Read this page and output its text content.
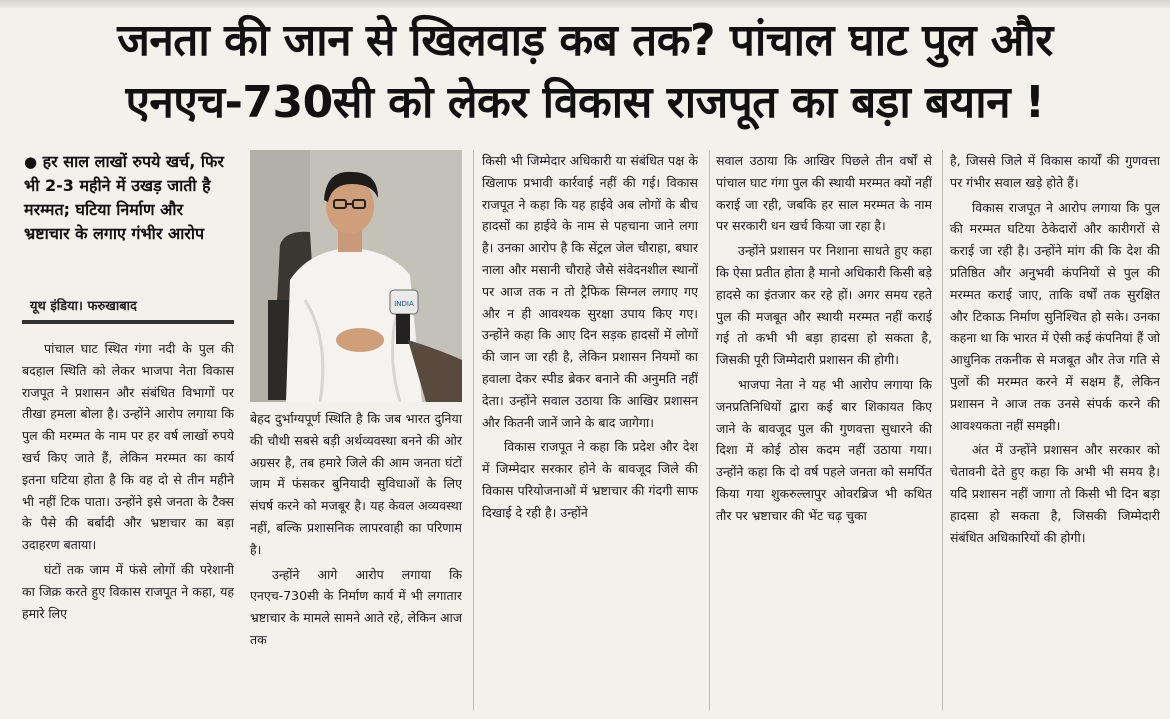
जनता की जान से खिलवाड़ कब तक? पांचाल घाट पुल और
एनएच-730सी को लेकर विकास राजपूत का बड़ा बयान !
● हर साल लाखों रुपये खर्च, फिर भी 2-3 महीने में उखड़ जाती है मरम्मत; घटिया निर्माण और भ्रष्टाचार के लगाए गंभीर आरोप
यूथ इंडिया। फरुखाबाद	INDIA

पांचाल घाट स्थित गंगा नदी के पुल की बदहाल स्थिति को लेकर भाजपा नेता विकास राजपूत ने प्रशासन और संबंधित विभागों पर तीखा हमला बोला है। उन्होंने आरोप लगाया कि पुल की मरम्मत के नाम पर हर वर्ष लाखों रुपये खर्च किए जाते हैं, लेकिन मरम्मत का कार्य इतना घटिया होता है कि वह दो से तीन महीने भी नहीं टिक पाता। उन्होंने इसे जनता के टैक्स के पैसे की बर्बादी और भ्रष्टाचार का बड़ा उदाहरण बताया।

घंटों तक जाम में फंसे लोगों की परेशानी का जिक्र करते हुए विकास राजपूत ने कहा, यह हमारे लिए

बेहद दुर्भाग्यपूर्ण स्थिति है कि जब भारत दुनिया की चौथी सबसे बड़ी अर्थव्यवस्था बनने की ओर अग्रसर है, तब हमारे जिले की आम जनता घंटों जाम में फंसकर बुनियादी सुविधाओं के लिए संघर्ष करने को मजबूर है। यह केवल अव्यवस्था नहीं, बल्कि प्रशासनिक लापरवाही का परिणाम है।

उन्होंने आगे आरोप लगाया कि एनएच-730सी के निर्माण कार्य में भी लगातार भ्रष्टाचार के मामले सामने आते रहे, लेकिन आज तक

किसी भी जिम्मेदार अधिकारी या संबंधित पक्ष के खिलाफ प्रभावी कार्रवाई नहीं की गई। विकास राजपूत ने कहा कि यह हाईवे अब लोगों के बीच हादसों का हाईवे के नाम से पहचाना जाने लगा है। उनका आरोप है कि सेंट्रल जेल चौराहा, बघार नाला और मसानी चौराहे जैसे संवेदनशील स्थानों पर आज तक न तो ट्रैफिक सिग्नल लगाए गए और न ही आवश्यक सुरक्षा उपाय किए गए। उन्होंने कहा कि आए दिन सड़क हादसों में लोगों की जान जा रही है, लेकिन प्रशासन नियमों का हवाला देकर स्पीड ब्रेकर बनाने की अनुमति नहीं देता। उन्होंने सवाल उठाया कि आखिर प्रशासन और कितनी जानें जाने के बाद जागेगा।

विकास राजपूत ने कहा कि प्रदेश और देश में जिम्मेदार सरकार होने के बावजूद जिले की विकास परियोजनाओं में भ्रष्टाचार की गंदगी साफ दिखाई दे रही है। उन्होंने

सवाल उठाया कि आखिर पिछले तीन वर्षों से पांचाल घाट गंगा पुल की स्थायी मरम्मत क्यों नहीं कराई जा रही, जबकि हर साल मरम्मत के नाम पर सरकारी धन खर्च किया जा रहा है।

उन्होंने प्रशासन पर निशाना साधते हुए कहा कि ऐसा प्रतीत होता है मानो अधिकारी किसी बड़े हादसे का इंतजार कर रहे हों। अगर समय रहते पुल की मजबूत और स्थायी मरम्मत नहीं कराई गई तो कभी भी बड़ा हादसा हो सकता है, जिसकी पूरी जिम्मेदारी प्रशासन की होगी।

भाजपा नेता ने यह भी आरोप लगाया कि जनप्रतिनिधियों द्वारा कई बार शिकायत किए जाने के बावजूद पुल की गुणवत्ता सुधारने की दिशा में कोई ठोस कदम नहीं उठाया गया। उन्होंने कहा कि दो वर्ष पहले जनता को समर्पित किया गया शुकरुल्लापुर ओवरब्रिज भी कथित तौर पर भ्रष्टाचार की भेंट चढ़ चुका

है, जिससे जिले में विकास कार्यों की गुणवत्ता पर गंभीर सवाल खड़े होते हैं।

विकास राजपूत ने आरोप लगाया कि पुल की मरम्मत घटिया ठेकेदारों और कारीगरों से कराई जा रही है। उन्होंने मांग की कि देश की प्रतिष्ठित और अनुभवी कंपनियों से पुल की मरम्मत कराई जाए, ताकि वर्षों तक सुरक्षित और टिकाऊ निर्माण सुनिश्चित हो सके। उनका कहना था कि भारत में ऐसी कई कंपनियां हैं जो आधुनिक तकनीक से मजबूत और तेज गति से पुलों की मरम्मत करने में सक्षम हैं, लेकिन प्रशासन ने आज तक उनसे संपर्क करने की आवश्यकता नहीं समझी।

अंत में उन्होंने प्रशासन और सरकार को चेतावनी देते हुए कहा कि अभी भी समय है। यदि प्रशासन नहीं जागा तो किसी भी दिन बड़ा हादसा हो सकता है, जिसकी जिम्मेदारी संबंधित अधिकारियों की होगी।
